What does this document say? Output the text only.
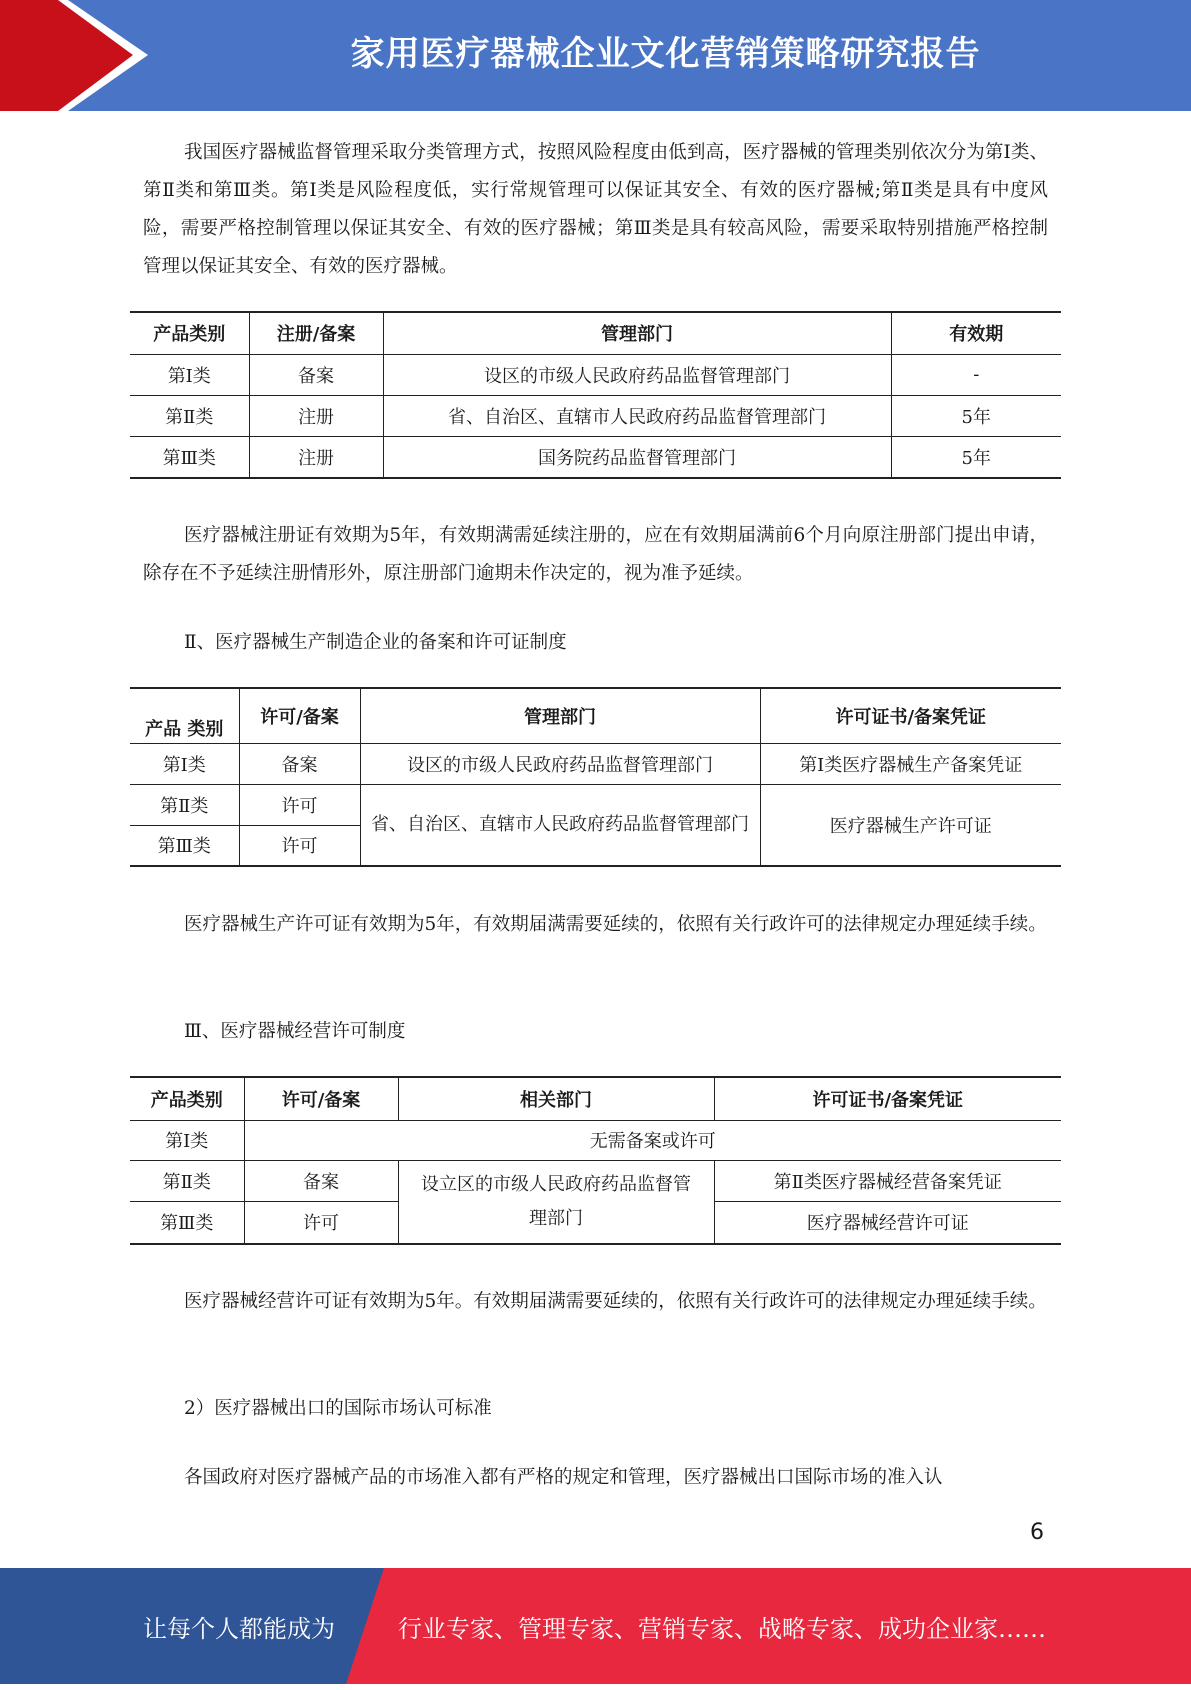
家用医疗器械企业文化营销策略研究报告

我国医疗器械监督管理采取分类管理方式，按照风险程度由低到高，医疗器械的管理类别依次分为第Ⅰ类、第Ⅱ类和第Ⅲ类。第Ⅰ类是风险程度低，实行常规管理可以保证其安全、有效的医疗器械;第Ⅱ类是具有中度风险，需要严格控制管理以保证其安全、有效的医疗器械；第Ⅲ类是具有较高风险，需要采取特别措施严格控制管理以保证其安全、有效的医疗器械。

产品类别	注册/备案	管理部门	有效期
第Ⅰ类	备案	设区的市级人民政府药品监督管理部门	-
第Ⅱ类	注册	省、自治区、直辖市人民政府药品监督管理部门	5年
第Ⅲ类	注册	国务院药品监督管理部门	5年

医疗器械注册证有效期为5年，有效期满需延续注册的，应在有效期届满前6个月向原注册部门提出申请，除存在不予延续注册情形外，原注册部门逾期未作决定的，视为准予延续。

Ⅱ、医疗器械生产制造企业的备案和许可证制度

产品 类别	许可/备案	管理部门	许可证书/备案凭证
第Ⅰ类	备案	设区的市级人民政府药品监督管理部门	第Ⅰ类医疗器械生产备案凭证
第Ⅱ类	许可	省、自治区、直辖市人民政府药品监督管理部门	医疗器械生产许可证
第Ⅲ类	许可		

医疗器械生产许可证有效期为5年，有效期届满需要延续的，依照有关行政许可的法律规定办理延续手续。

Ⅲ、医疗器械经营许可制度

产品类别	许可/备案	相关部门	许可证书/备案凭证
第Ⅰ类	无需备案或许可		
第Ⅱ类	备案	设立区的市级人民政府药品监督管理部门	第Ⅱ类医疗器械经营备案凭证
第Ⅲ类	许可		医疗器械经营许可证

医疗器械经营许可证有效期为5年。有效期届满需要延续的，依照有关行政许可的法律规定办理延续手续。

2）医疗器械出口的国际市场认可标准

各国政府对医疗器械产品的市场准入都有严格的规定和管理，医疗器械出口国际市场的准入认

6
让每个人都能成为	行业专家、管理专家、营销专家、战略专家、成功企业家……
